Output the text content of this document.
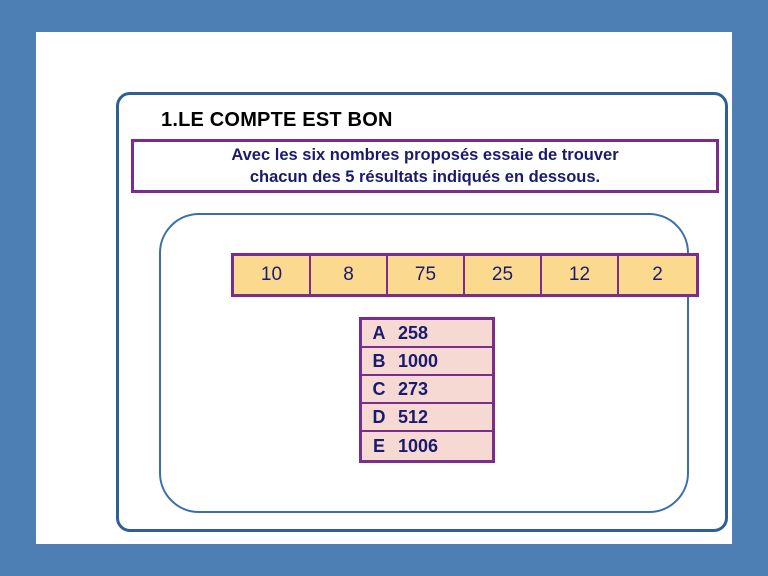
1.LE COMPTE EST BON
Avec les six nombres proposés essaie de trouver
chacun des 5 résultats indiqués en dessous.
10	8	75	25	12	2
A 258
B 1000
C 273
D 512
E 1006
